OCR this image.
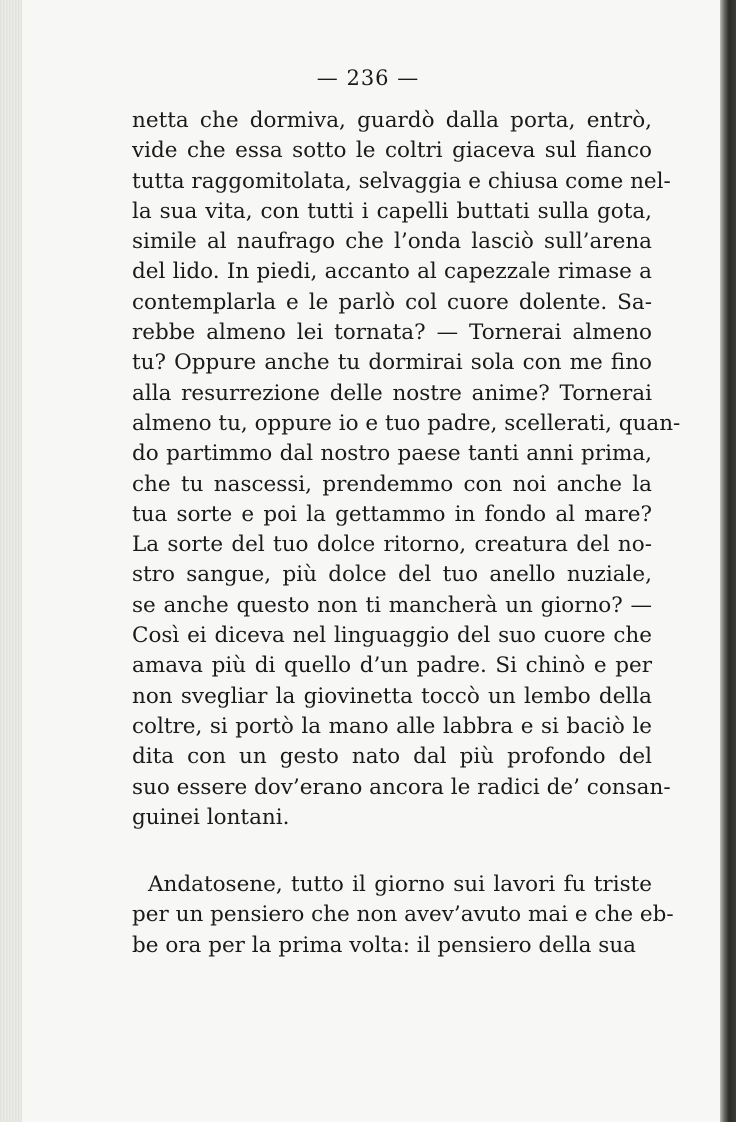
— 236 —
netta che dormiva, guardò dalla porta, entrò,
vide che essa sotto le coltri giaceva sul fianco
tutta raggomitolata, selvaggia e chiusa come nel-
la sua vita, con tutti i capelli buttati sulla gota,
simile al naufrago che l’onda lasciò sull’arena
del lido. In piedi, accanto al capezzale rimase a
contemplarla e le parlò col cuore dolente. Sa-
rebbe almeno lei tornata? — Tornerai almeno
tu? Oppure anche tu dormirai sola con me fino
alla resurrezione delle nostre anime? Tornerai
almeno tu, oppure io e tuo padre, scellerati, quan-
do partimmo dal nostro paese tanti anni prima,
che tu nascessi, prendemmo con noi anche la
tua sorte e poi la gettammo in fondo al mare?
La sorte del tuo dolce ritorno, creatura del no-
stro sangue, più dolce del tuo anello nuziale,
se anche questo non ti mancherà un giorno? —
Così ei diceva nel linguaggio del suo cuore che
amava più di quello d’un padre. Si chinò e per
non svegliar la giovinetta toccò un lembo della
coltre, si portò la mano alle labbra e si baciò le
dita con un gesto nato dal più profondo del
suo essere dov’erano ancora le radici de’ consan-
guinei lontani.
Andatosene, tutto il giorno sui lavori fu triste
per un pensiero che non avev’avuto mai e che eb-
be ora per la prima volta: il pensiero della sua
